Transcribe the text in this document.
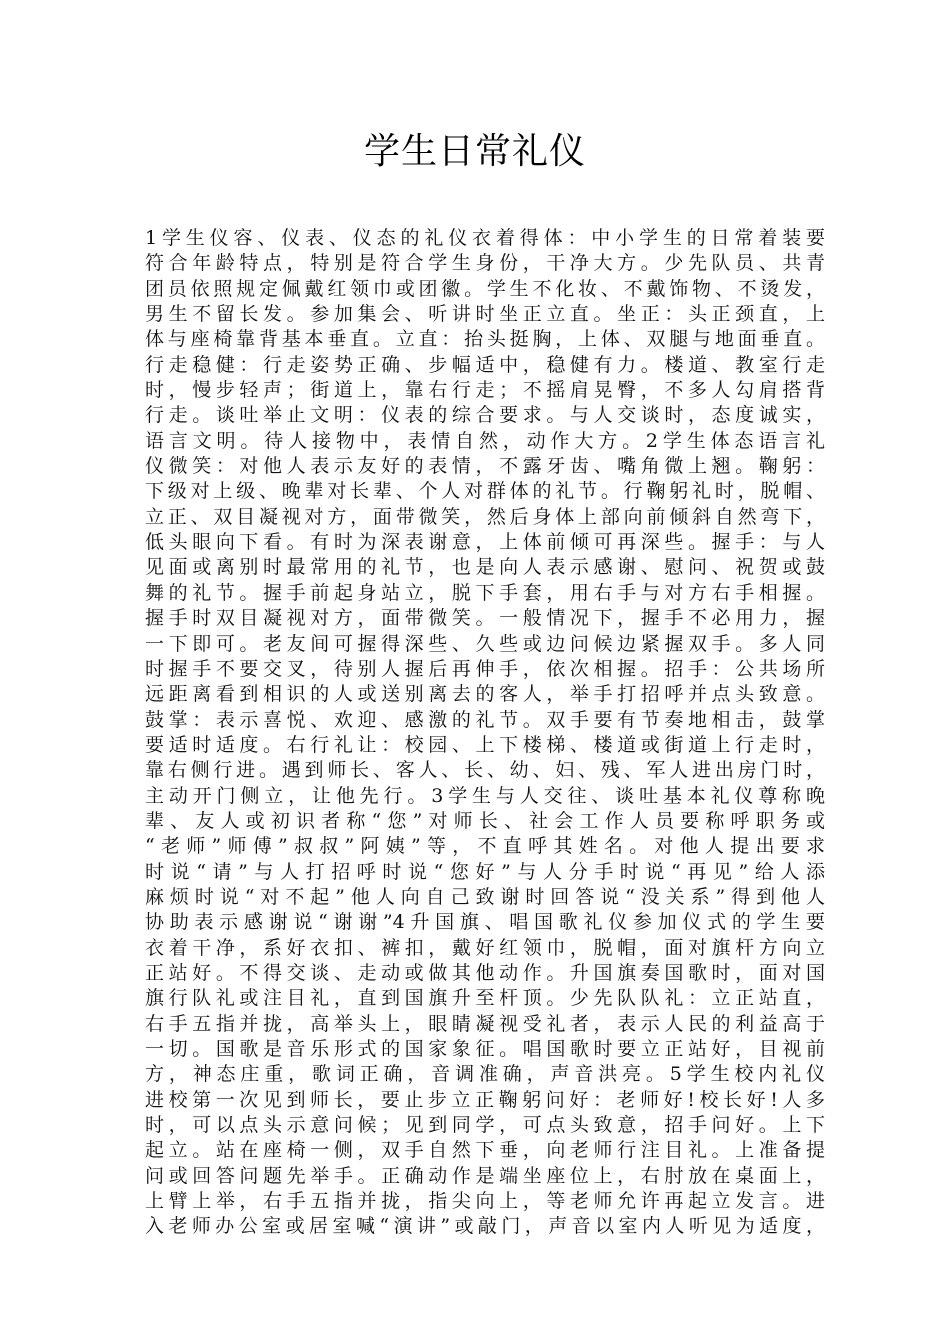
学生日常礼仪
1学生仪容、仪表、仪态的礼仪衣着得体：中小学生的日常着装要
符合年龄特点，特别是符合学生身份，干净大方。少先队员、共青
团员依照规定佩戴红领巾或团徽。学生不化妆、不戴饰物、不烫发，
男生不留长发。参加集会、听讲时坐正立直。坐正：头正颈直，上
体与座椅靠背基本垂直。立直：抬头挺胸，上体、双腿与地面垂直。
行走稳健：行走姿势正确、步幅适中，稳健有力。楼道、教室行走
时，慢步轻声；街道上，靠右行走；不摇肩晃臀，不多人勾肩搭背
行走。谈吐举止文明：仪表的综合要求。与人交谈时，态度诚实，
语言文明。待人接物中，表情自然，动作大方。2学生体态语言礼
仪微笑：对他人表示友好的表情，不露牙齿、嘴角微上翘。鞠躬：
下级对上级、晚辈对长辈、个人对群体的礼节。行鞠躬礼时，脱帽、
立正、双目凝视对方，面带微笑，然后身体上部向前倾斜自然弯下，
低头眼向下看。有时为深表谢意，上体前倾可再深些。握手：与人
见面或离别时最常用的礼节，也是向人表示感谢、慰问、祝贺或鼓
舞的礼节。握手前起身站立，脱下手套，用右手与对方右手相握。
握手时双目凝视对方，面带微笑。一般情况下，握手不必用力，握
一下即可。老友间可握得深些、久些或边问候边紧握双手。多人同
时握手不要交叉，待别人握后再伸手，依次相握。招手：公共场所
远距离看到相识的人或送别离去的客人，举手打招呼并点头致意。
鼓掌：表示喜悦、欢迎、感激的礼节。双手要有节奏地相击，鼓掌
要适时适度。右行礼让：校园、上下楼梯、楼道或街道上行走时，
靠右侧行进。遇到师长、客人、长、幼、妇、残、军人进出房门时，
主动开门侧立，让他先行。3学生与人交往、谈吐基本礼仪尊称晚
辈、友人或初识者称“您”对师长、社会工作人员要称呼职务或
“老师”师傅”叔叔”阿姨”等，不直呼其姓名。对他人提出要求
时说“请”与人打招呼时说“您好”与人分手时说“再见”给人添
麻烦时说“对不起”他人向自己致谢时回答说“没关系”得到他人
协助表示感谢说“谢谢”4升国旗、唱国歌礼仪参加仪式的学生要
衣着干净，系好衣扣、裤扣，戴好红领巾，脱帽，面对旗杆方向立
正站好。不得交谈、走动或做其他动作。升国旗奏国歌时，面对国
旗行队礼或注目礼，直到国旗升至杆顶。少先队队礼：立正站直，
右手五指并拢，高举头上，眼睛凝视受礼者，表示人民的利益高于
一切。国歌是音乐形式的国家象征。唱国歌时要立正站好，目视前
方，神态庄重，歌词正确，音调准确，声音洪亮。5学生校内礼仪
进校第一次见到师长，要止步立正鞠躬问好：老师好!校长好!人多
时，可以点头示意问候；见到同学，可点头致意，招手问好。上下
起立。站在座椅一侧，双手自然下垂，向老师行注目礼。上准备提
问或回答问题先举手。正确动作是端坐座位上，右肘放在桌面上，
上臂上举，右手五指并拢，指尖向上，等老师允许再起立发言。进
入老师办公室或居室喊“演讲”或敲门，声音以室内人听见为适度，
